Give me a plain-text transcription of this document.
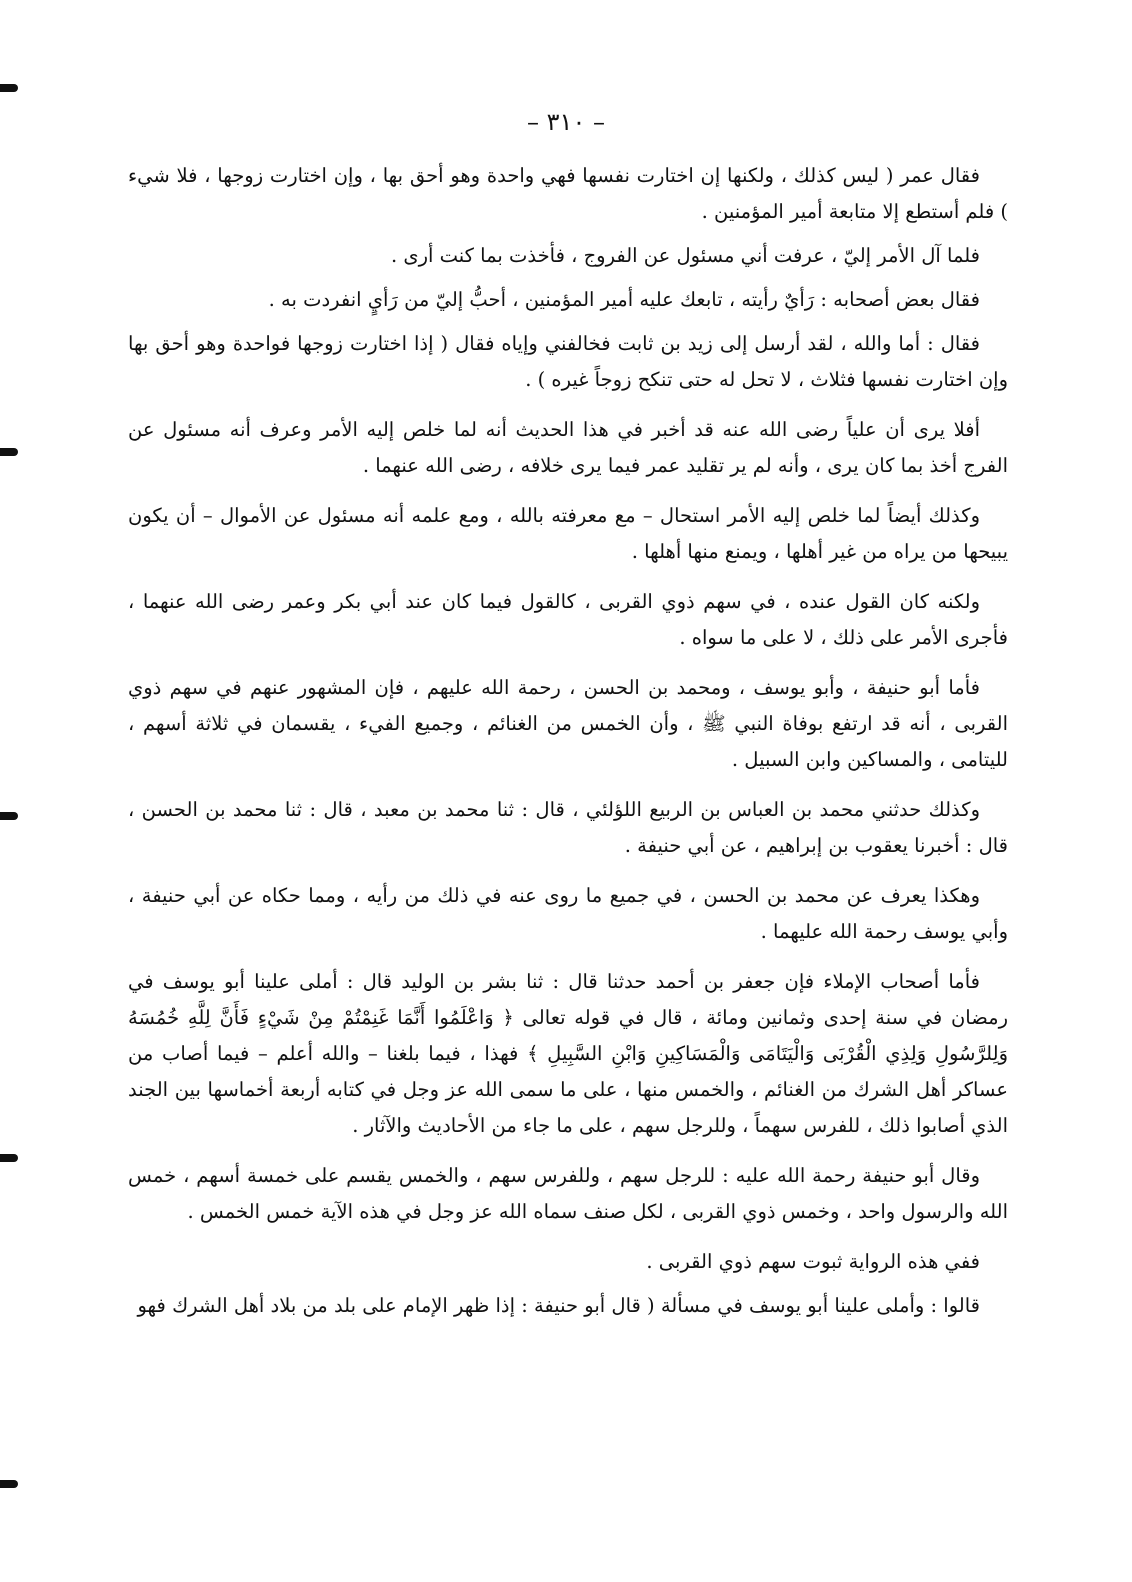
– ٣١٠ –

فقال عمر ( ليس كذلك ، ولكنها إن اختارت نفسها فهي واحدة وهو أحق بها ، وإن اختارت زوجها ، فلا شيء ) فلم أستطع إلا متابعة أمير المؤمنين .

فلما آل الأمر إليّ ، عرفت أني مسئول عن الفروج ، فأخذت بما كنت أرى .

فقال بعض أصحابه : رَأيٌ رأيته ، تابعك عليه أمير المؤمنين ، أحبُّ إليّ من رَأيٍ انفردت به .

فقال : أما والله ، لقد أرسل إلى زيد بن ثابت فخالفني وإياه فقال ( إذا اختارت زوجها فواحدة وهو أحق بها وإن اختارت نفسها فثلاث ، لا تحل له حتى تنكح زوجاً غيره ) .

أفلا يرى أن علياً رضى الله عنه قد أخبر في هذا الحديث أنه لما خلص إليه الأمر وعرف أنه مسئول عن الفرج أخذ بما كان يرى ، وأنه لم ير تقليد عمر فيما يرى خلافه ، رضى الله عنهما .

وكذلك أيضاً لما خلص إليه الأمر استحال – مع معرفته بالله ، ومع علمه أنه مسئول عن الأموال – أن يكون يبيحها من يراه من غير أهلها ، ويمنع منها أهلها .

ولكنه كان القول عنده ، في سهم ذوي القربى ، كالقول فيما كان عند أبي بكر وعمر رضى الله عنهما ، فأجرى الأمر على ذلك ، لا على ما سواه .

فأما أبو حنيفة ، وأبو يوسف ، ومحمد بن الحسن ، رحمة الله عليهم ، فإن المشهور عنهم في سهم ذوي القربى ، أنه قد ارتفع بوفاة النبي ﷺ ، وأن الخمس من الغنائم ، وجميع الفيء ، يقسمان في ثلاثة أسهم ، لليتامى ، والمساكين وابن السبيل .

وكذلك حدثني محمد بن العباس بن الربيع اللؤلئي ، قال : ثنا محمد بن معبد ، قال : ثنا محمد بن الحسن ، قال : أخبرنا يعقوب بن إبراهيم ، عن أبي حنيفة .

وهكذا يعرف عن محمد بن الحسن ، في جميع ما روى عنه في ذلك من رأيه ، ومما حكاه عن أبي حنيفة ، وأبي يوسف رحمة الله عليهما .

فأما أصحاب الإملاء فإن جعفر بن أحمد حدثنا قال : ثنا بشر بن الوليد قال : أملى علينا أبو يوسف في رمضان في سنة إحدى وثمانين ومائة ، قال في قوله تعالى ﴿ وَاعْلَمُوا أَنَّمَا غَنِمْتُمْ مِنْ شَيْءٍ فَأَنَّ لِلَّهِ خُمُسَهُ وَلِلرَّسُولِ وَلِذِي الْقُرْبَى وَالْيَتَامَى وَالْمَسَاكِينِ وَابْنِ السَّبِيلِ ﴾ فهذا ، فيما بلغنا – والله أعلم – فيما أصاب من عساكر أهل الشرك من الغنائم ، والخمس منها ، على ما سمى الله عز وجل في كتابه أربعة أخماسها بين الجند الذي أصابوا ذلك ، للفرس سهماً ، وللرجل سهم ، على ما جاء من الأحاديث والآثار .

وقال أبو حنيفة رحمة الله عليه : للرجل سهم ، وللفرس سهم ، والخمس يقسم على خمسة أسهم ، خمس الله والرسول واحد ، وخمس ذوي القربى ، لكل صنف سماه الله عز وجل في هذه الآية خمس الخمس .

ففي هذه الرواية ثبوت سهم ذوي القربى .

قالوا : وأملى علينا أبو يوسف في مسألة ( قال أبو حنيفة : إذا ظهر الإمام على بلد من بلاد أهل الشرك فهو
